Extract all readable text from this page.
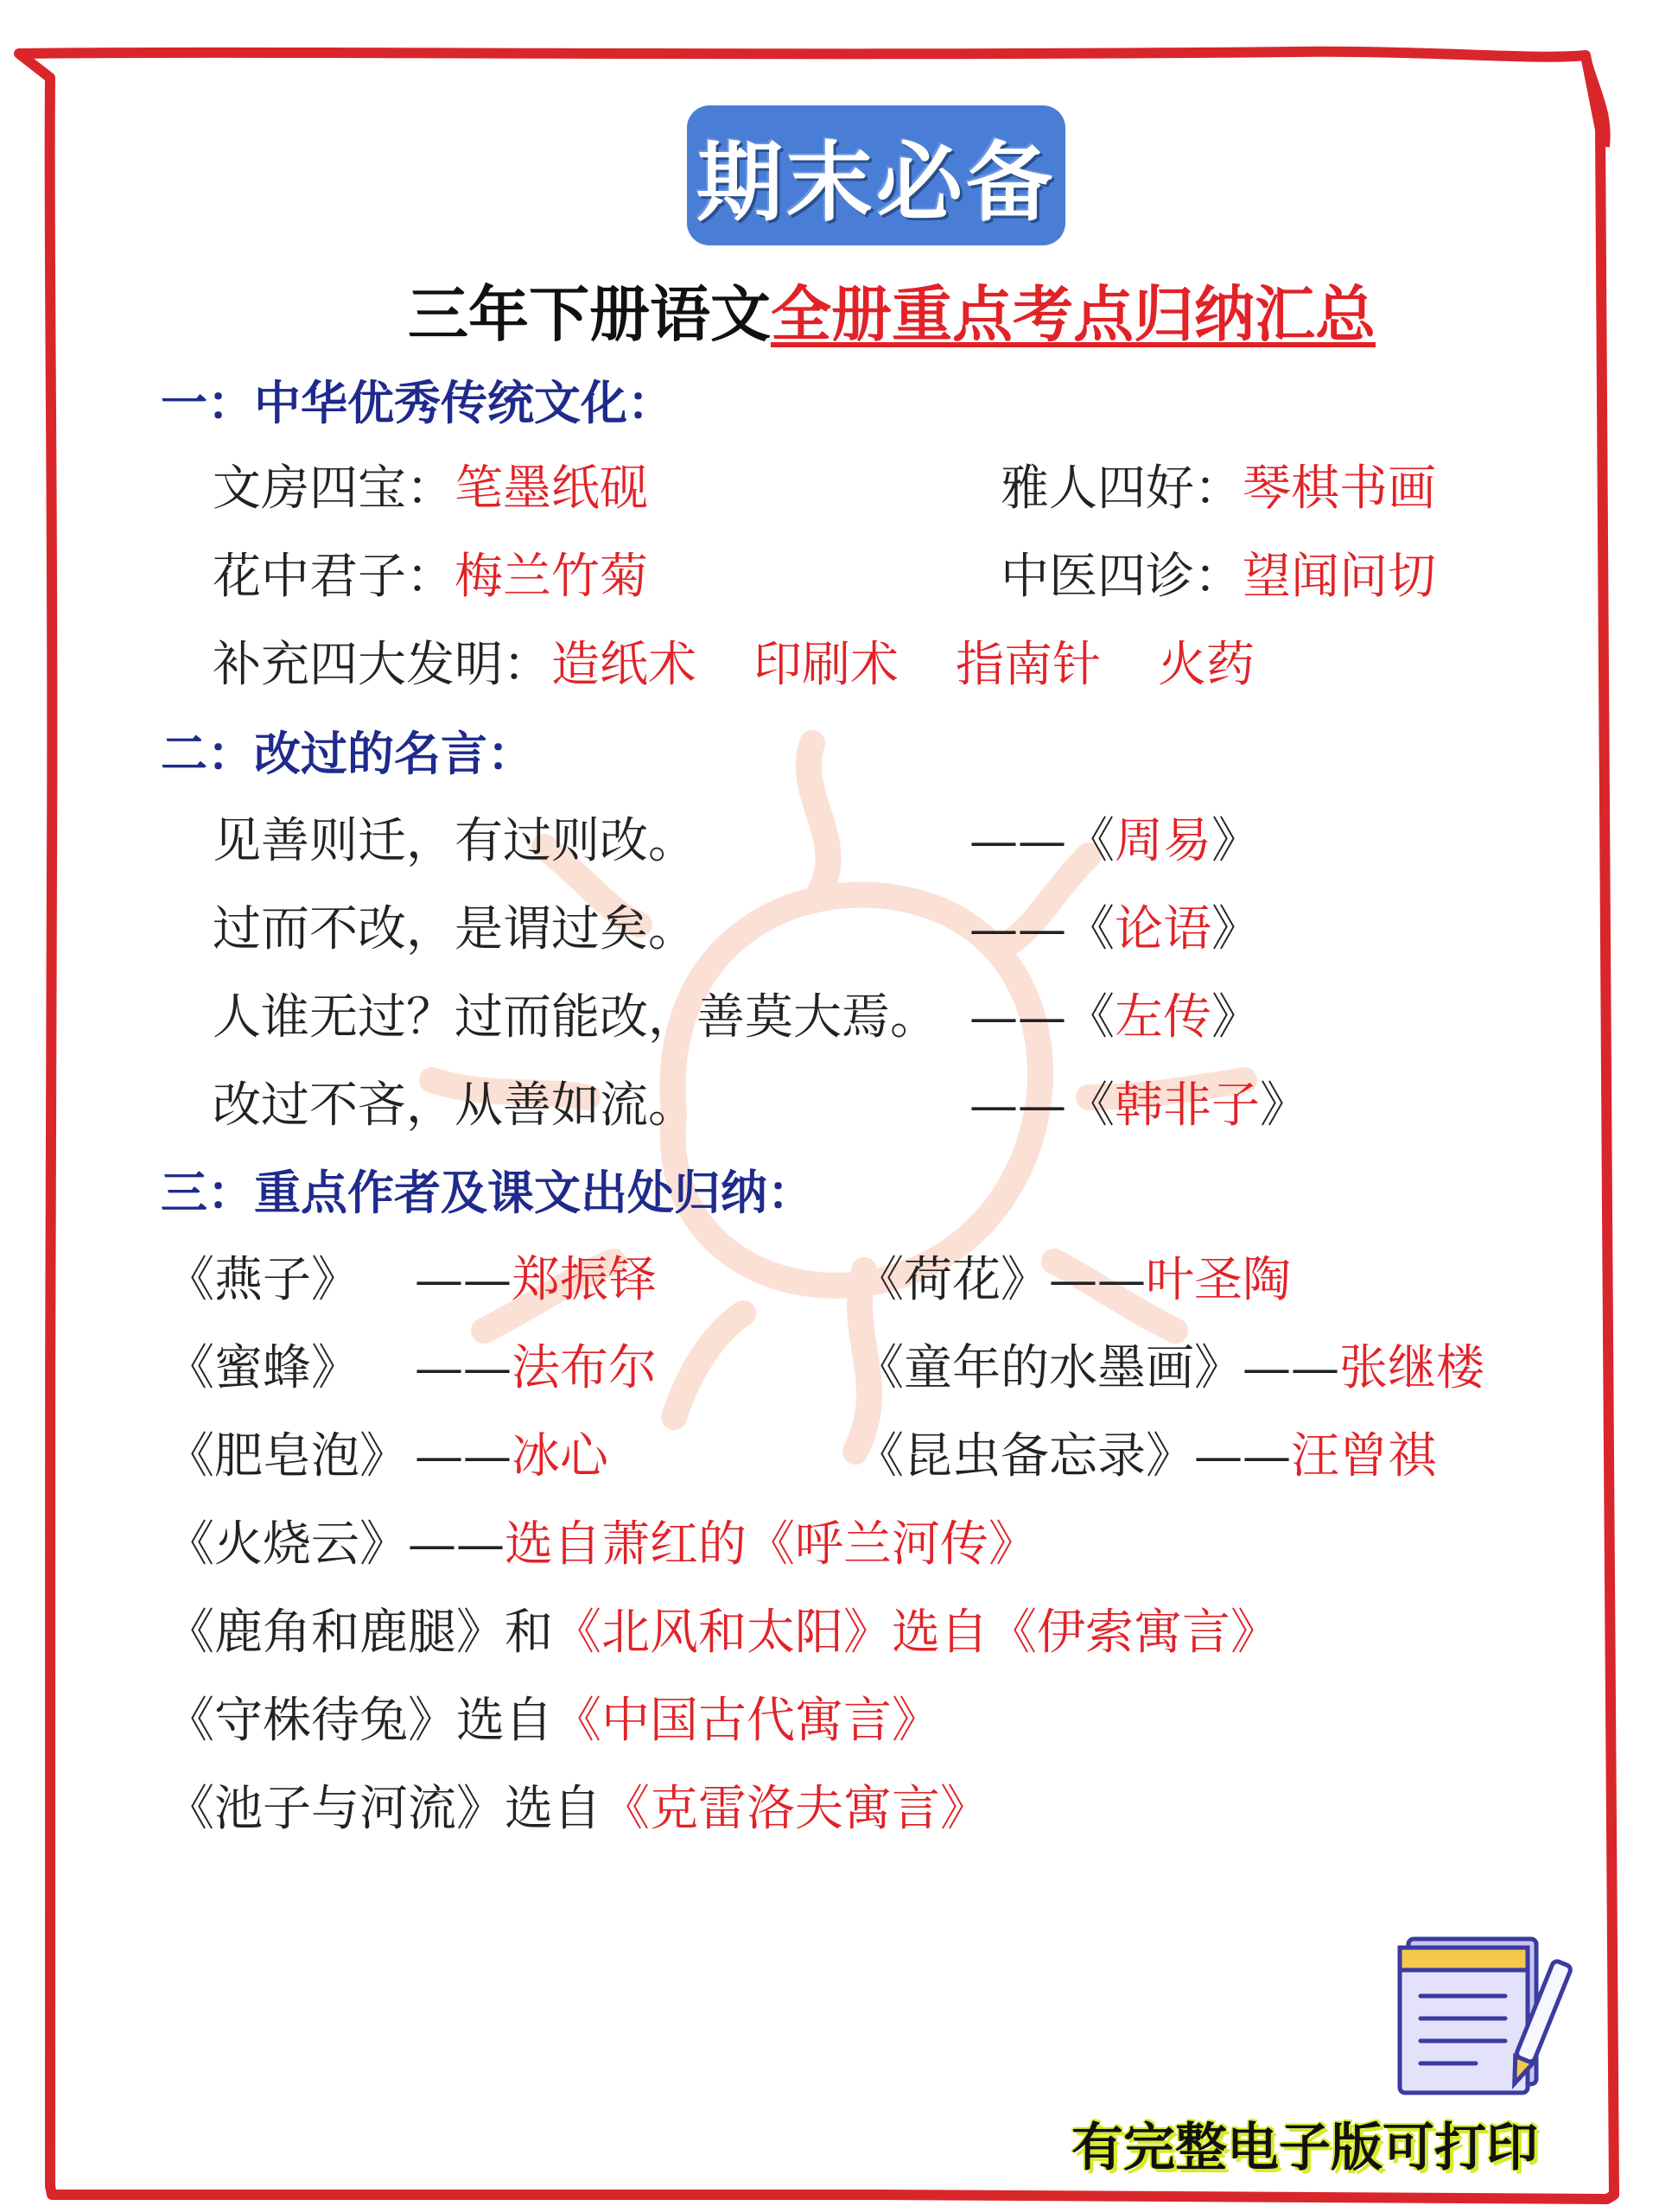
期末必备
三年下册语文全册重点考点归纳汇总
一：中华优秀传统文化：
文房四宝：笔墨纸砚	雅人四好：琴棋书画
花中君子：梅兰竹菊	中医四诊：望闻问切
补充四大发明：造纸术 印刷术 指南针 火药
二：改过的名言：
见善则迁，有过则改。	——《周易》
过而不改，是谓过矣。	——《论语》
人谁无过？过而能改，善莫大焉。 ——《左传》
改过不吝，从善如流。	——《韩非子》
三：重点作者及课文出处归纳：
《燕子》 ——郑振铎	《荷花》——叶圣陶
《蜜蜂》 ——法布尔	《童年的水墨画》——张继楼
《肥皂泡》 ——冰心	《昆虫备忘录》——汪曾祺
《火烧云》——选自萧红的《呼兰河传》
《鹿角和鹿腿》和《北风和太阳》选自《伊索寓言》
《守株待兔》选自《中国古代寓言》
《池子与河流》选自《克雷洛夫寓言》
有完整电子版可打印
